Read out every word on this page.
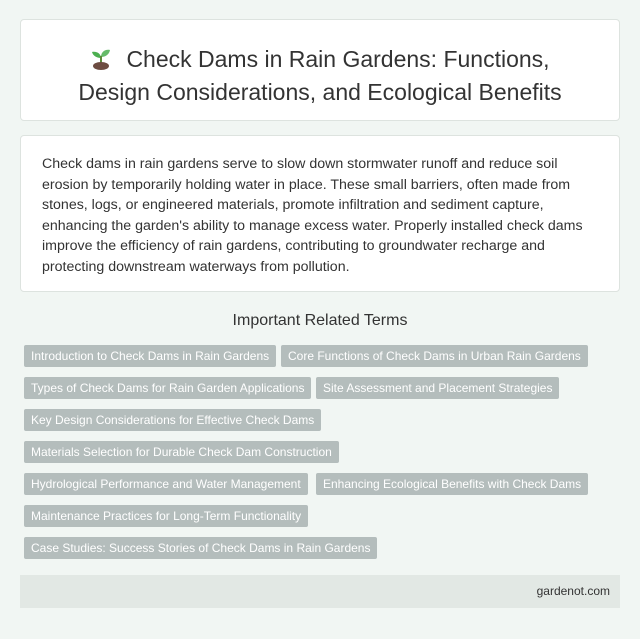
Check Dams in Rain Gardens: Functions,
Design Considerations, and Ecological Benefits

Check dams in rain gardens serve to slow down stormwater runoff and reduce soil erosion by temporarily holding water in place. These small barriers, often made from stones, logs, or engineered materials, promote infiltration and sediment capture, enhancing the garden's ability to manage excess water. Properly installed check dams improve the efficiency of rain gardens, contributing to groundwater recharge and protecting downstream waterways from pollution.

Important Related Terms
Introduction to Check Dams in Rain Gardens	Core Functions of Check Dams in Urban Rain Gardens
Types of Check Dams for Rain Garden Applications	Site Assessment and Placement Strategies
Key Design Considerations for Effective Check Dams
Materials Selection for Durable Check Dam Construction
Hydrological Performance and Water Management	Enhancing Ecological Benefits with Check Dams
Maintenance Practices for Long-Term Functionality
Case Studies: Success Stories of Check Dams in Rain Gardens
gardenot.com
